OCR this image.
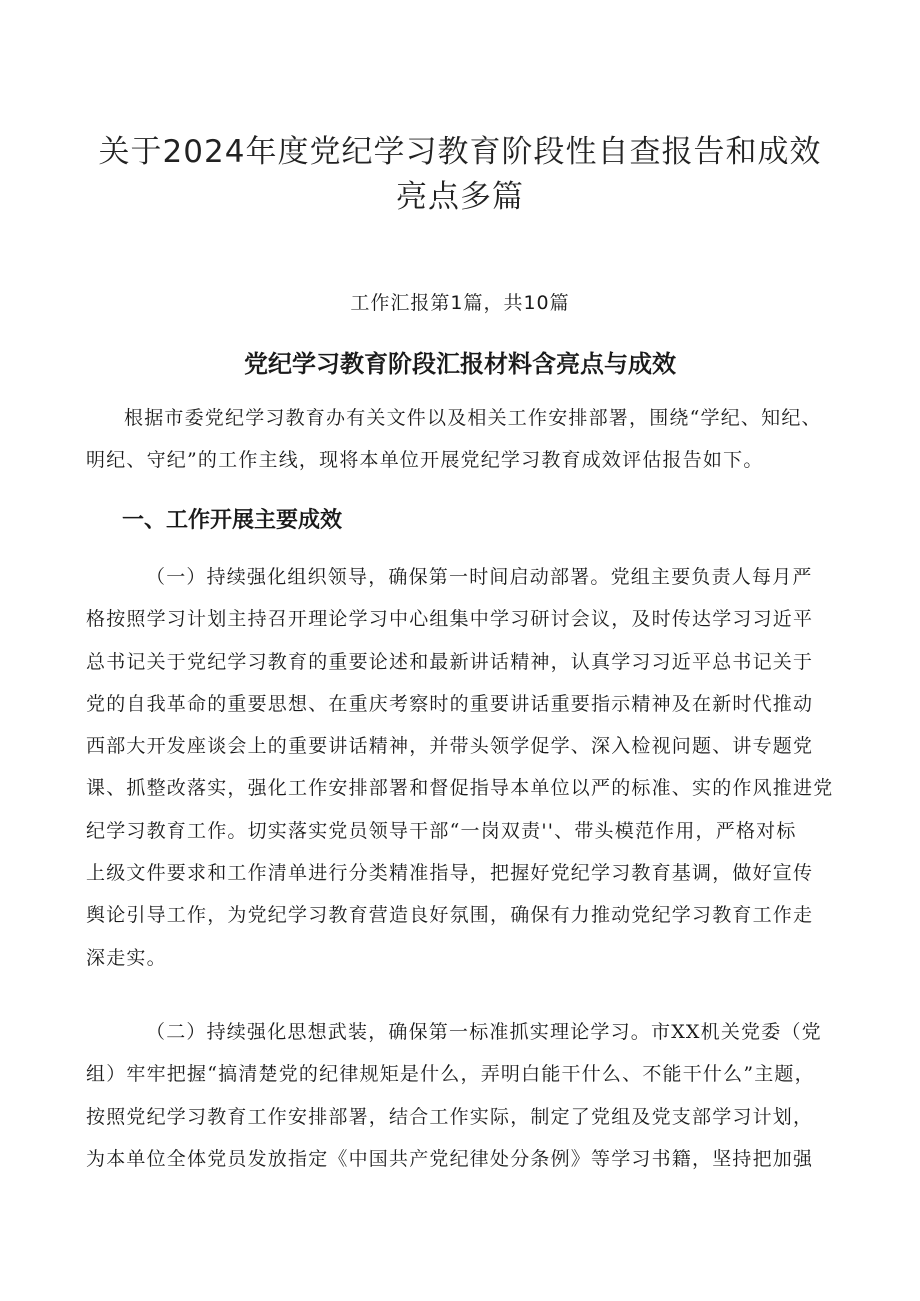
关于2024年度党纪学习教育阶段性自查报告和成效
亮点多篇
工作汇报第1篇，共10篇
党纪学习教育阶段汇报材料含亮点与成效

根据市委党纪学习教育办有关文件以及相关工作安排部署，围绕“学纪、知纪、
明纪、守纪”的工作主线，现将本单位开展党纪学习教育成效评估报告如下。

一、工作开展主要成效

（一）持续强化组织领导，确保第一时间启动部署。党组主要负责人每月严
格按照学习计划主持召开理论学习中心组集中学习研讨会议，及时传达学习习近平
总书记关于党纪学习教育的重要论述和最新讲话精神，认真学习习近平总书记关于
党的自我革命的重要思想、在重庆考察时的重要讲话重要指示精神及在新时代推动
西部大开发座谈会上的重要讲话精神，并带头领学促学、深入检视问题、讲专题党
课、抓整改落实，强化工作安排部署和督促指导本单位以严的标准、实的作风推进党
纪学习教育工作。切实落实党员领导干部“一岗双责''、带头模范作用，严格对标
上级文件要求和工作清单进行分类精准指导，把握好党纪学习教育基调，做好宣传
舆论引导工作，为党纪学习教育营造良好氛围，确保有力推动党纪学习教育工作走
深走实。

（二）持续强化思想武装，确保第一标准抓实理论学习。市XX机关党委（党
组）牢牢把握“搞清楚党的纪律规矩是什么，弄明白能干什么、不能干什么”主题，
按照党纪学习教育工作安排部署，结合工作实际，制定了党组及党支部学习计划，
为本单位全体党员发放指定《中国共产党纪律处分条例》等学习书籍，坚持把加强
